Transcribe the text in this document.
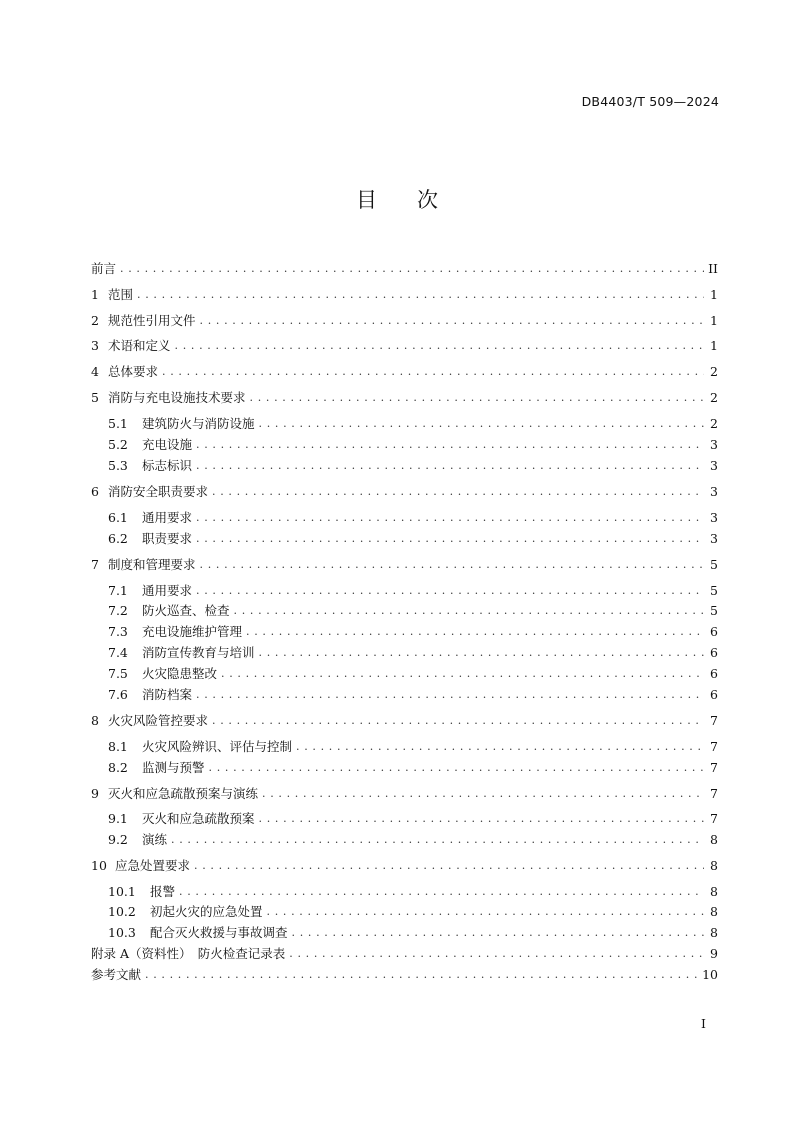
DB4403/T 509—2024
目 次
前言 . . .	II
1 范围 . . .	1
2 规范性引用文件 . . .	1
3 术语和定义 . . .	1
4 总体要求 . . .	2
5 消防与充电设施技术要求 . . .	2
5.1	建筑防火与消防设施 . . .	2
5.2	充电设施 . . .	3
5.3	标志标识 . . .	3
6 消防安全职责要求 . . .	3
6.1	通用要求 . . .	3
6.2	职责要求 . . .	3
7 制度和管理要求 . . .	5
7.1	通用要求 . . .	5
7.2	防火巡查、检查 . . .	5
7.3	充电设施维护管理 . . .	6
7.4	消防宣传教育与培训 . . .	6
7.5	火灾隐患整改 . . .	6
7.6	消防档案 . . .	6
8 火灾风险管控要求 . . .	7
8.1	火灾风险辨识、评估与控制 . . .	7
8.2	监测与预警 . . .	7
9 灭火和应急疏散预案与演练 . . .	7
9.1	灭火和应急疏散预案 . . .	7
9.2	演练 . . .	8
10 应急处置要求 . . .	8
10.1	报警 . . .	8
10.2	初起火灾的应急处置 . . .	8
10.3	配合灭火救援与事故调查 . . .	8
附录 A（资料性）　防火检查记录表 . . .	9
参考文献 . . .	10
I
